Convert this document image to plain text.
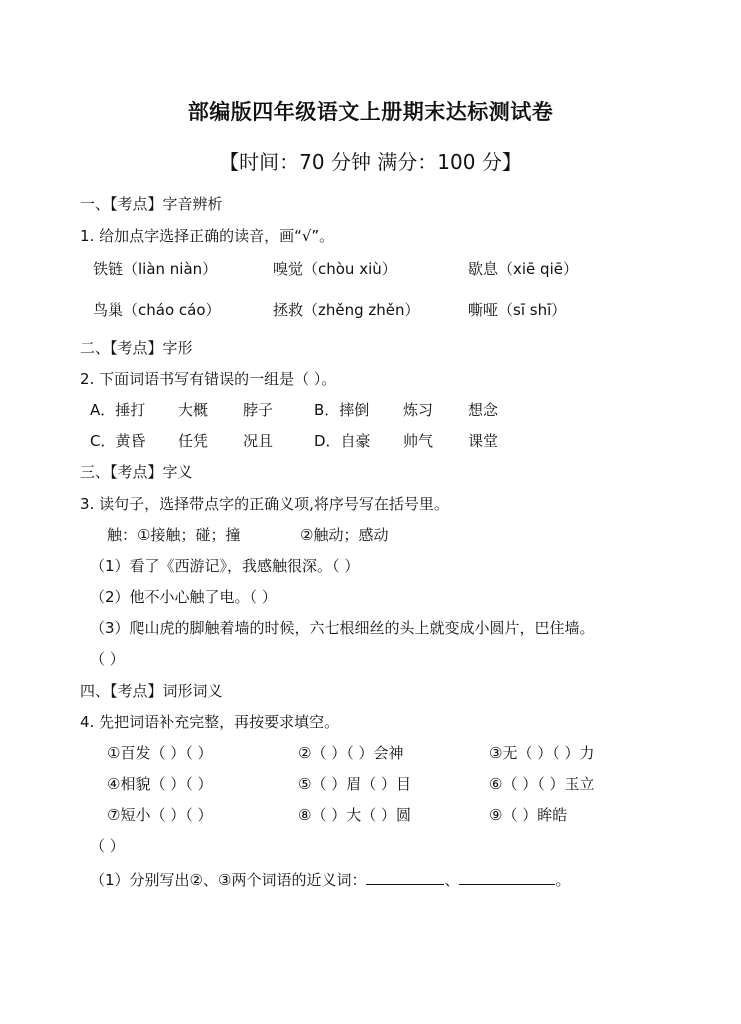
部编版四年级语文上册期末达标测试卷
【时间：70 分钟 满分：100 分】
一、【考点】字音辨析
1. 给加点字选择正确的读音，画“√”。
铁链（liàn niàn）	嗅觉（chòu xiù）	歇息（xiē qiē）
鸟巢（cháo cáo）	拯救（zhěng zhěn）	嘶哑（sī shī）
二、【考点】字形
2. 下面词语书写有错误的一组是（ ）。
A．捶打 大概 脖子	B．摔倒 炼习 想念
C．黄昏 任凭 况且	D．自豪 帅气 课堂
三、【考点】字义
3. 读句子，选择带点字的正确义项,将序号写在括号里。
触：①接触；碰；撞	②触动；感动
（1）看了《西游记》，我感触很深。（ ）
（2）他不小心触了电。（ ）
（3）爬山虎的脚触着墙的时候，六七根细丝的头上就变成小圆片，巴住墙。
（ ）
四、【考点】词形词义
4. 先把词语补充完整，再按要求填空。
①百发（ ）（ ）	②（ ）（ ）会神	③无（ ）（ ）力
④相貌（ ）（ ）	⑤（ ）眉（ ）目	⑥（ ）（ ）玉立
⑦短小（ ）（ ）	⑧（ ）大（ ）圆	⑨（ ）眸皓
（ ）
（1）分别写出②、③两个词语的近义词：	、	。
